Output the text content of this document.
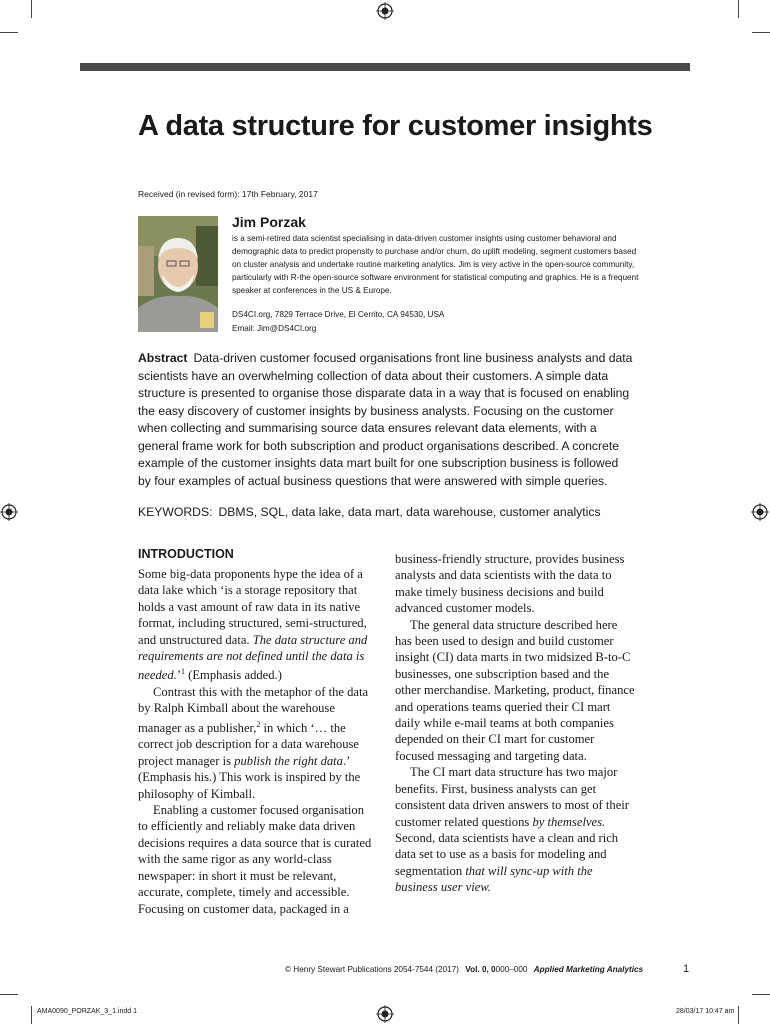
A data structure for customer insights
Received (in revised form): 17th February, 2017
Jim Porzak
is a semi-retired data scientist specialising in data-driven customer insights using customer behavioral and demographic data to predict propensity to purchase and/or churn, do uplift modeling, segment customers based on cluster analysis and undertake routine marketing analytics. Jim is very active in the open-source community, particularly with R-the open-source software environment for statistical computing and graphics. He is a frequent speaker at conferences in the US & Europe.
DS4CI.org, 7829 Terrace Drive, El Cerrito, CA 94530, USA
Email: Jim@DS4CI.org
Abstract Data-driven customer focused organisations front line business analysts and data scientists have an overwhelming collection of data about their customers. A simple data structure is presented to organise those disparate data in a way that is focused on enabling the easy discovery of customer insights by business analysts. Focusing on the customer when collecting and summarising source data ensures relevant data elements, with a general frame work for both subscription and product organisations described. A concrete example of the customer insights data mart built for one subscription business is followed by four examples of actual business questions that were answered with simple queries.
KEYWORDS: DBMS, SQL, data lake, data mart, data warehouse, customer analytics
INTRODUCTION

Some big-data proponents hype the idea of a data lake which ‘is a storage repository that holds a vast amount of raw data in its native format, including structured, semi-structured, and unstructured data. The data structure and requirements are not defined until the data is needed.’$^1$ (Emphasis added.)

Contrast this with the metaphor of the data by Ralph Kimball about the warehouse manager as a publisher,$^2$ in which ‘… the correct job description for a data warehouse project manager is publish the right data.’ (Emphasis his.) This work is inspired by the philosophy of Kimball.

Enabling a customer focused organisation to efficiently and reliably make data driven decisions requires a data source that is curated with the same rigor as any world-class newspaper: in short it must be relevant, accurate, complete, timely and accessible. Focusing on customer data, packaged in a

business-friendly structure, provides business analysts and data scientists with the data to make timely business decisions and build advanced customer models.

The general data structure described here has been used to design and build customer insight (CI) data marts in two midsized B-to-C businesses, one subscription based and the other merchandise. Marketing, product, finance and operations teams queried their CI mart daily while e-mail teams at both companies depended on their CI mart for customer focused messaging and targeting data.

The CI mart data structure has two major benefits. First, business analysts can get consistent data driven answers to most of their customer related questions by themselves. Second, data scientists have a clean and rich data set to use as a basis for modeling and segmentation that will sync-up with the business user view.

© Henry Stewart Publications 2054-7544 (2017) Vol. 0, 0000–000 Applied Marketing Analytics	1
AMA0090_PORZAK_3_1.indd 1	28/03/17 10:47 am
